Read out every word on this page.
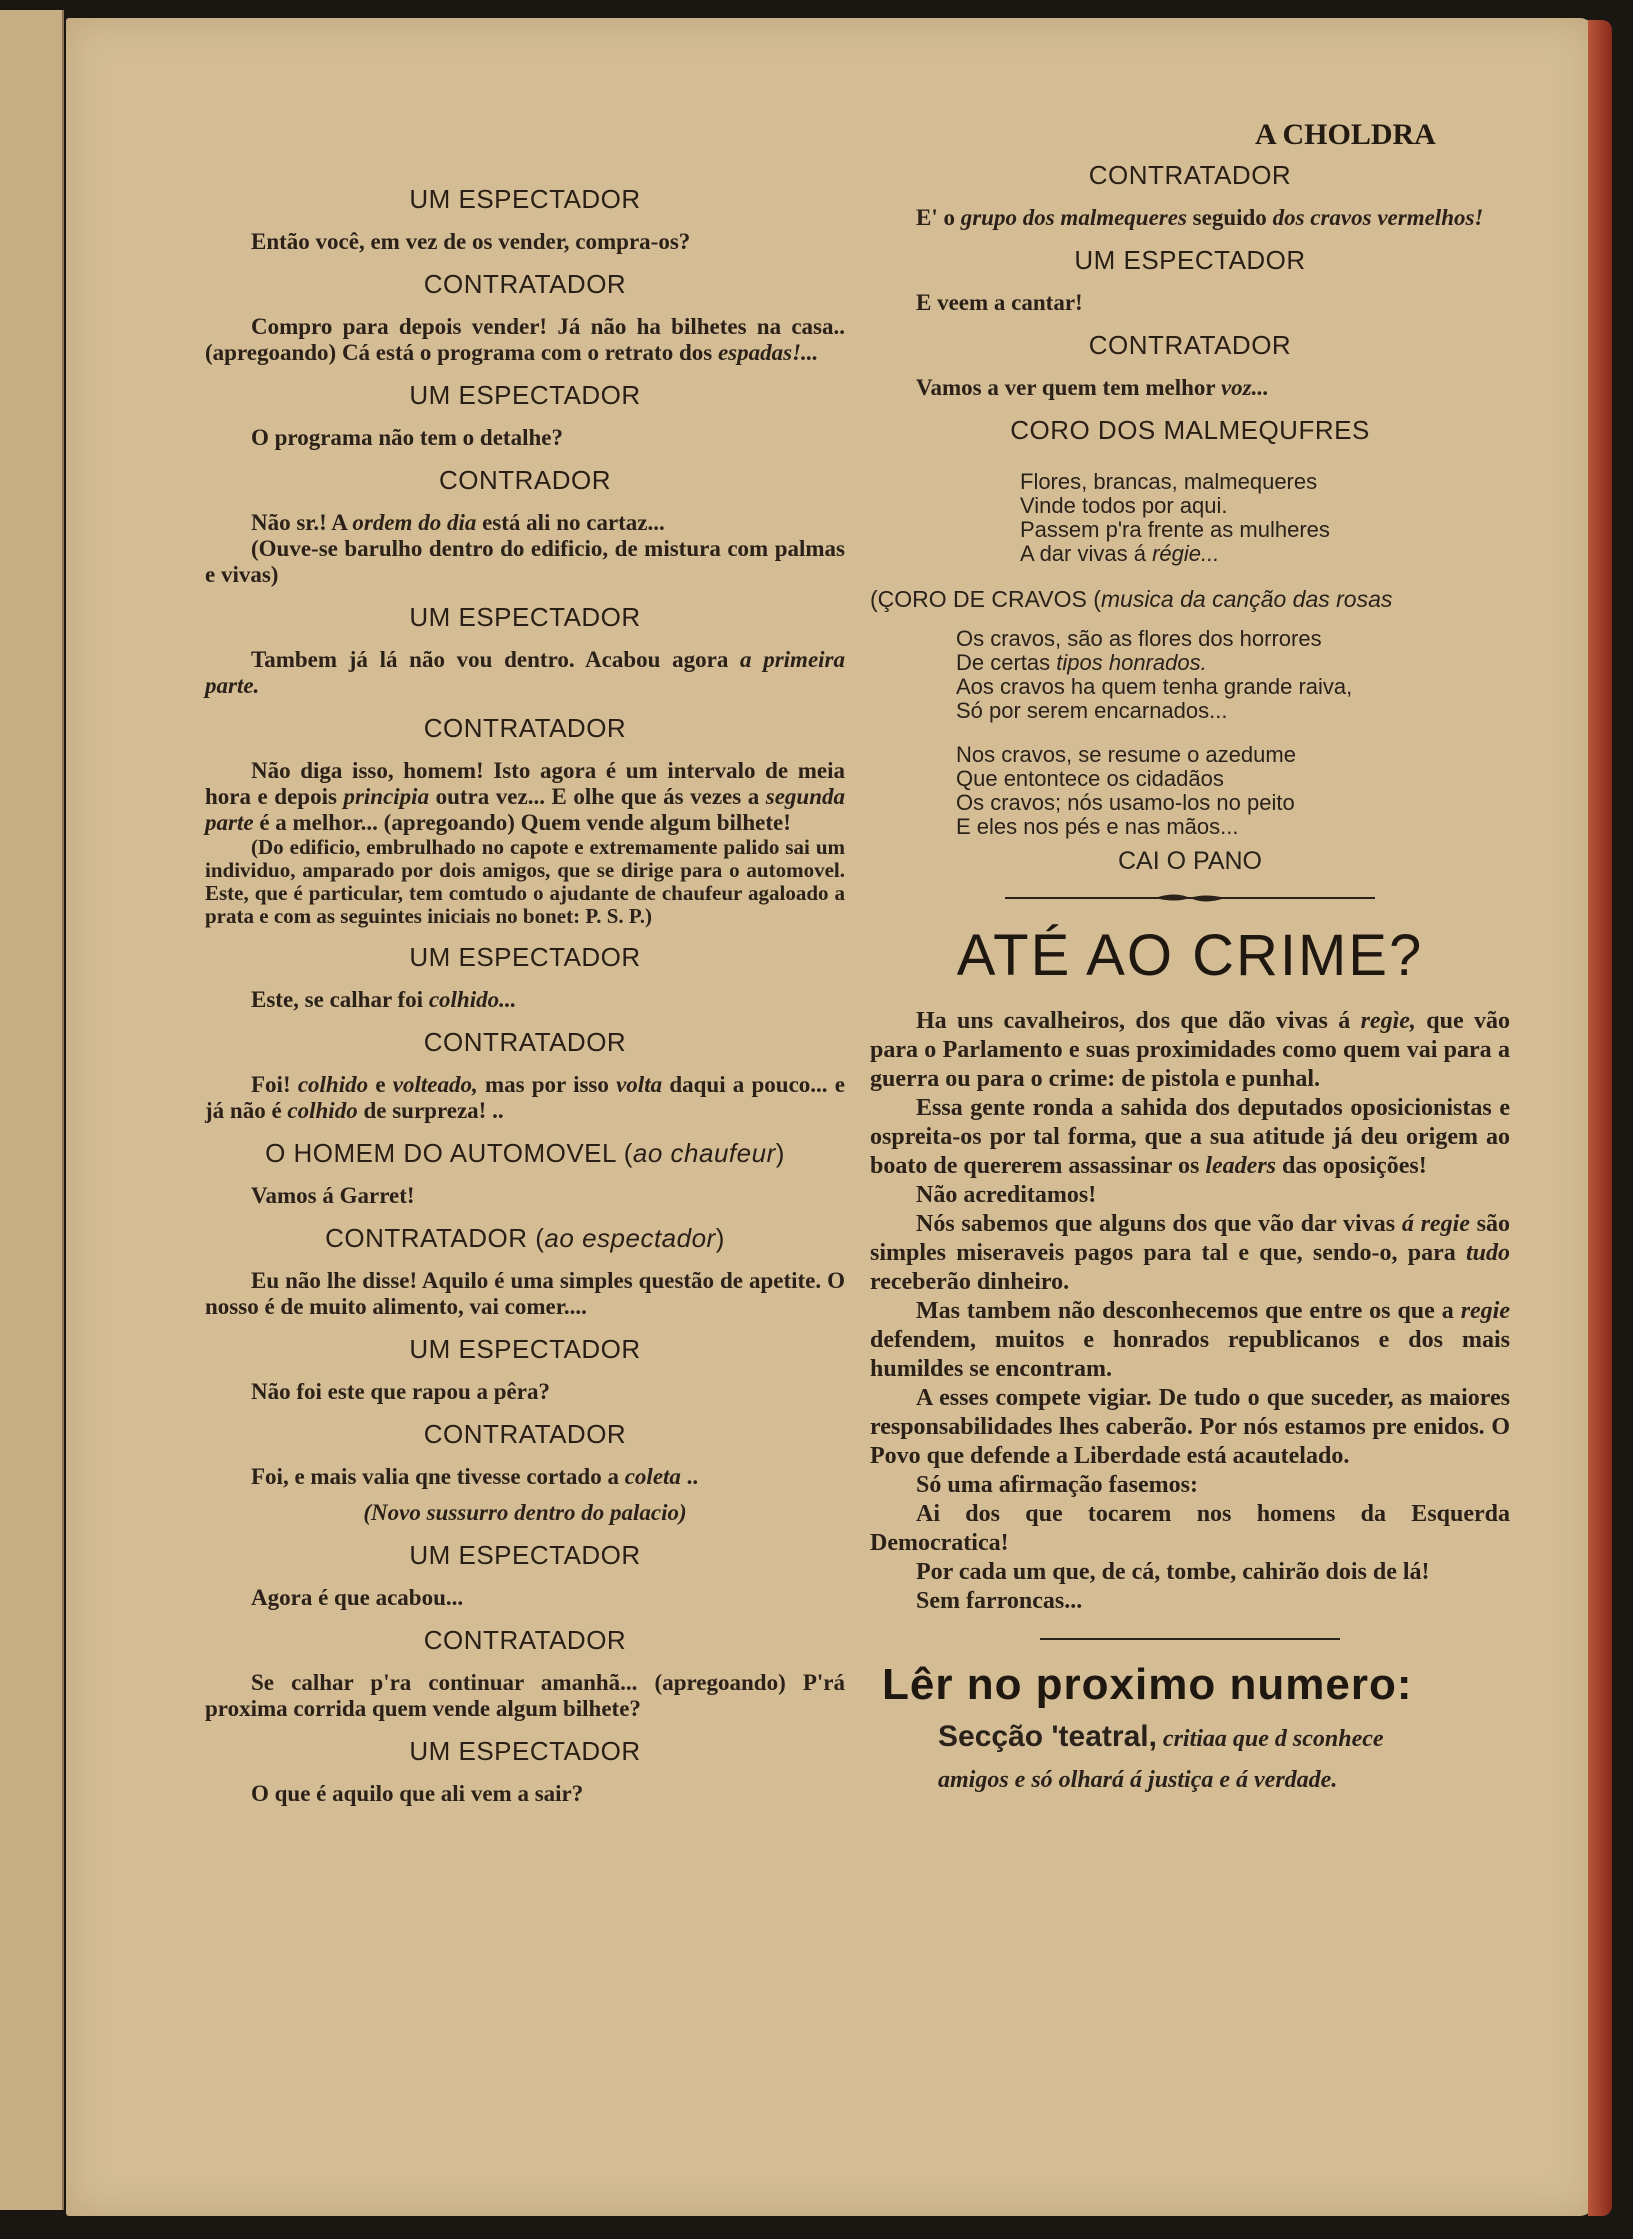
A CHOLDRA
UM ESPECTADOR

Então você, em vez de os vender, compra-os?

CONTRATADOR

Compro para depois vender! Já não ha bilhetes na casa.. (apregoando) Cá está o programa com o retrato dos espadas!...

UM ESPECTADOR

O programa não tem o detalhe?

CONTRADOR

Não sr.! A ordem do dia está ali no cartaz...

(Ouve-se barulho dentro do edificio, de mistura com palmas e vivas)

UM ESPECTADOR

Tambem já lá não vou dentro. Acabou agora a primeira parte.

CONTRATADOR

Não diga isso, homem! Isto agora é um intervalo de meia hora e depois principia outra vez... E olhe que ás vezes a segunda parte é a melhor... (apregoando) Quem vende algum bilhete!

(Do edificio, embrulhado no capote e extremamente palido sai um individuo, amparado por dois amigos, que se dirige para o automovel. Este, que é particular, tem comtudo o ajudante de chaufeur agaloado a prata e com as seguintes iniciais no bonet: P. S. P.)

UM ESPECTADOR

Este, se calhar foi colhido...

CONTRATADOR

Foi! colhido e volteado, mas por isso volta daqui a pouco... e já não é colhido de surpreza! ..

O HOMEM DO AUTOMOVEL (ao chaufeur)

Vamos á Garret!

CONTRATADOR (ao espectador)

Eu não lhe disse! Aquilo é uma simples questão de apetite. O nosso é de muito alimento, vai comer....

UM ESPECTADOR

Não foi este que rapou a pêra?

CONTRATADOR

Foi, e mais valia qne tivesse cortado a coleta ..

(Novo sussurro dentro do palacio)

UM ESPECTADOR

Agora é que acabou...

CONTRATADOR

Se calhar p'ra continuar amanhã... (apregoando) P'rá proxima corrida quem vende algum bilhete?

UM ESPECTADOR

O que é aquilo que ali vem a sair?

CONTRATADOR

E' o grupo dos malmequeres seguido dos cravos vermelhos!

UM ESPECTADOR

E veem a cantar!

CONTRATADOR

Vamos a ver quem tem melhor voz...

CORO DOS MALMEQUFRES

Flores, brancas, malmequeres

Vinde todos por aqui.

Passem p'ra frente as mulheres

A dar vivas á régie...

(ÇORO DE CRAVOS (musica da canção das rosas

Os cravos, são as flores dos horrores

De certas tipos honrados.

Aos cravos ha quem tenha grande raiva,

Só por serem encarnados...

Nos cravos, se resume o azedume

Que entontece os cidadãos

Os cravos; nós usamo-los no peito

E eles nos pés e nas mãos...

CAI O PANO
ATÉ AO CRIME?

Ha uns cavalheiros, dos que dão vivas á regìe, que vão para o Parlamento e suas proximidades como quem vai para a guerra ou para o crime: de pistola e punhal.

Essa gente ronda a sahida dos deputados oposicionistas e ospreita-os por tal forma, que a sua atitude já deu origem ao boato de quererem assassinar os leaders das oposições!

Não acreditamos!

Nós sabemos que alguns dos que vão dar vivas á regie são simples miseraveis pagos para tal e que, sendo-o, para tudo receberão dinheiro.

Mas tambem não desconhecemos que entre os que a regie defendem, muitos e honrados republicanos e dos mais humildes se encontram.

A esses compete vigiar. De tudo o que suceder, as maiores responsabilidades lhes caberão. Por nós estamos pre enidos. O Povo que defende a Liberdade está acautelado.

Só uma afirmação fasemos:

Ai dos que tocarem nos homens da Esquerda Democratica!

Por cada um que, de cá, tombe, cahirão dois de lá!

Sem farroncas...

Lêr no proximo numero:
Secção 'teatral, critiaa que d sconhece
amigos e só olhará á justiça e á verdade.
